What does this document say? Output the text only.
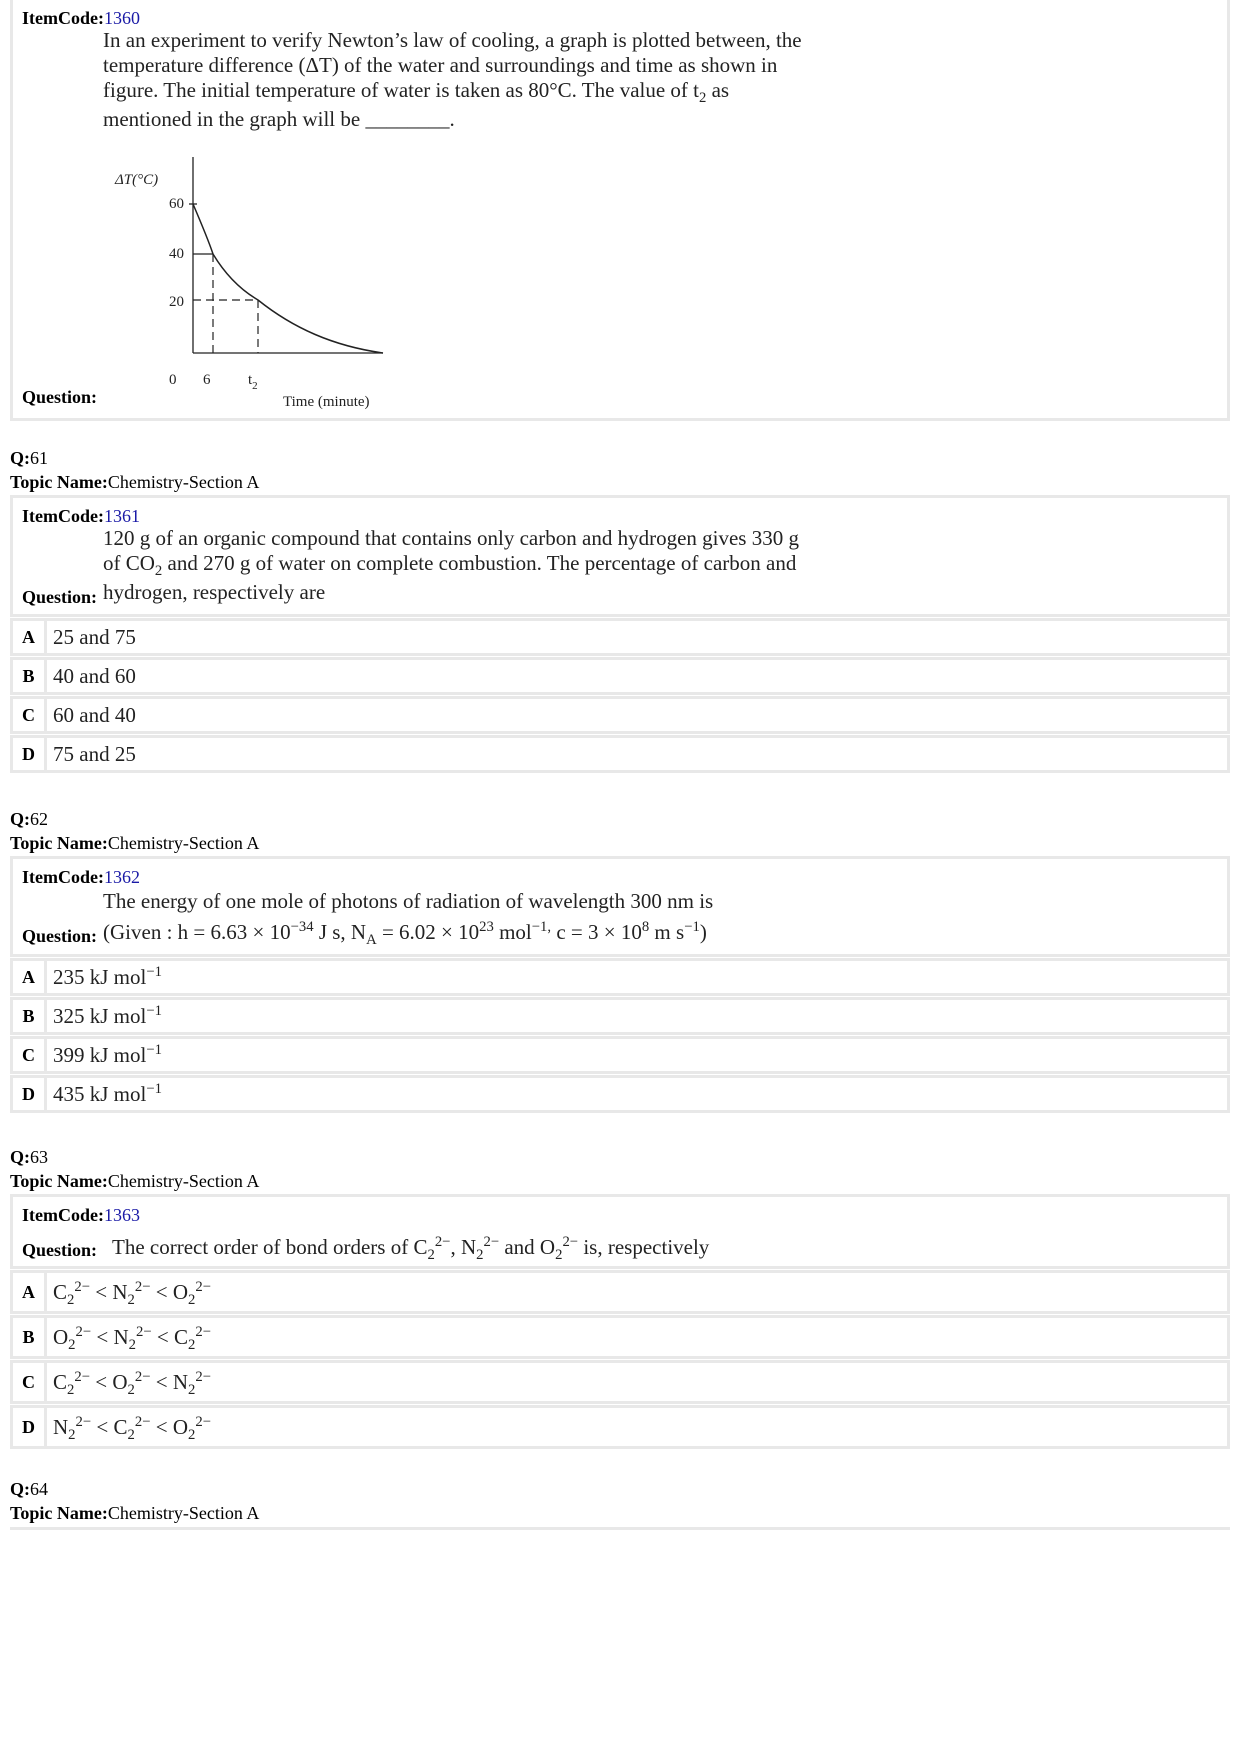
ItemCode:1360
In an experiment to verify Newton’s law of cooling, a graph is plotted between, the
temperature difference (ΔT) of the water and surroundings and time as shown in
figure. The initial temperature of water is taken as 80°C. The value of $t_2$ as
mentioned in the graph will be ________.
ΔT(°C)
60
40
20
0 6	$t_2$
Time (minute)
Question:
Q:61
Topic Name:Chemistry-Section A
ItemCode:1361
120 g of an organic compound that contains only carbon and hydrogen gives 330 g
of $CO_2$ and 270 g of water on complete combustion. The percentage of carbon and
hydrogen, respectively are
Question:
A 25 and 75
B 40 and 60
C 60 and 40
D 75 and 25
Q:62
Topic Name:Chemistry-Section A
ItemCode:1362
The energy of one mole of photons of radiation of wavelength 300 nm is
(Given : $h = 6.63 \times 10^{-34}$ J s, $N_A = 6.02 \times 10^{23}$ mol$^{-1,}$ $c = 3 \times 10^8$ m $s^{-1}$)
Question:
A 235 kJ mol$^{-1}$
B 325 kJ mol$^{-1}$
C 399 kJ mol$^{-1}$
D 435 kJ mol$^{-1}$
Q:63
Topic Name:Chemistry-Section A
ItemCode:1363
Question: The correct order of bond orders of $C_2^{2-}$, $N_2^{2-}$ and $O_2^{2-}$ is, respectively
A $C_2^{2-} < N_2^{2-} < O_2^{2-}$
B $O_2^{2-} < N_2^{2-} < C_2^{2-}$
C $C_2^{2-} < O_2^{2-} < N_2^{2-}$
D $N_2^{2-} < C_2^{2-} < O_2^{2-}$
Q:64
Topic Name:Chemistry-Section A
